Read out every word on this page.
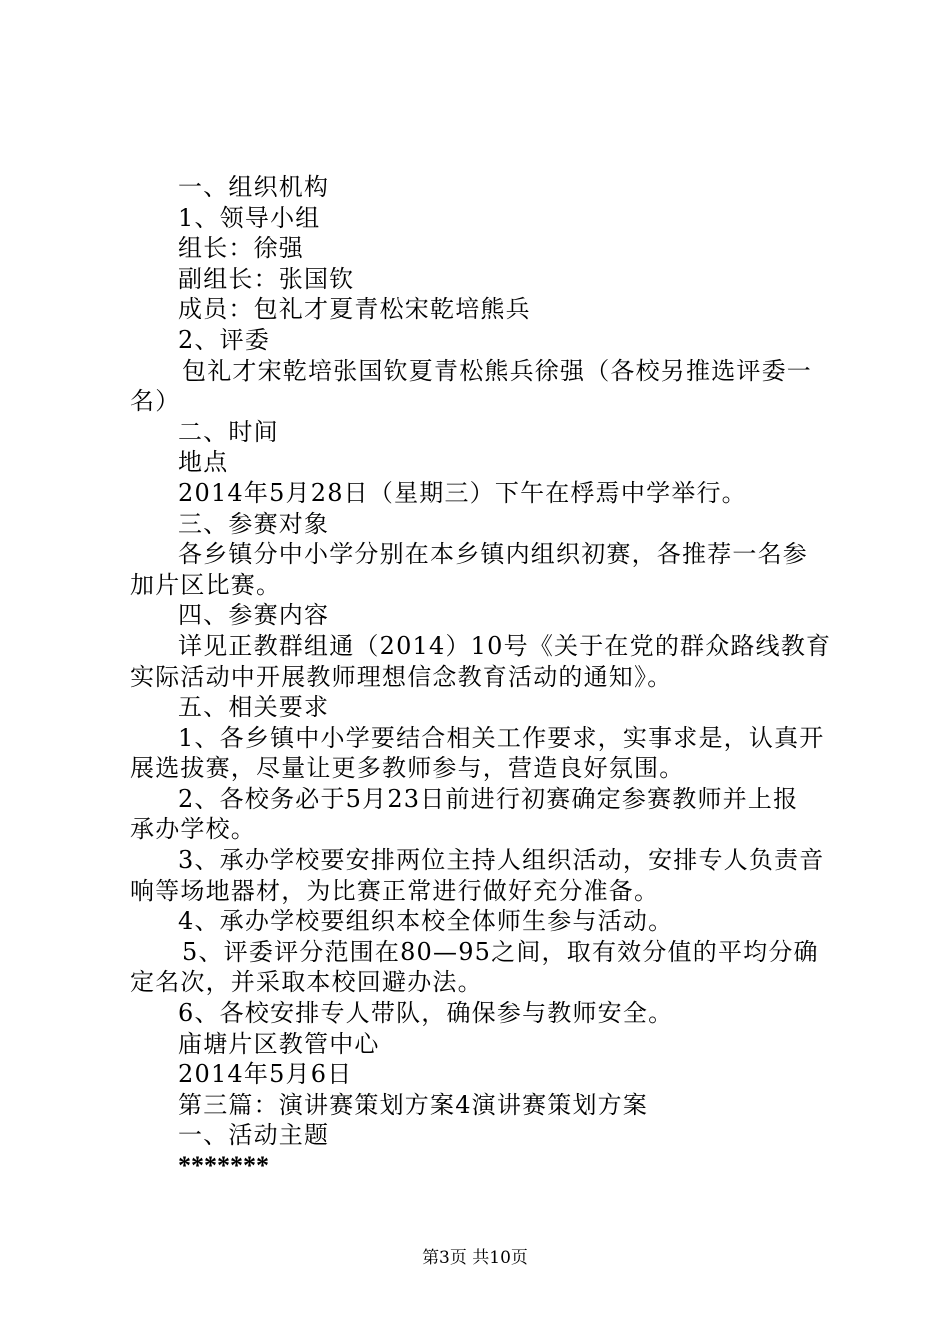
一、组织机构
1、领导小组
组长：徐强
副组长：张国钦
成员：包礼才夏青松宋乾培熊兵
2、评委
包礼才宋乾培张国钦夏青松熊兵徐强（各校另推选评委一
名）
二、时间
地点
2014年5月28日（星期三）下午在桴焉中学举行。
三、参赛对象
各乡镇分中小学分别在本乡镇内组织初赛，各推荐一名参
加片区比赛。
四、参赛内容
详见正教群组通（2014）10号《关于在党的群众路线教育
实际活动中开展教师理想信念教育活动的通知》。
五、相关要求
1、各乡镇中小学要结合相关工作要求，实事求是，认真开
展选拔赛，尽量让更多教师参与，营造良好氛围。
2、各校务必于5月23日前进行初赛确定参赛教师并上报
承办学校。
3、承办学校要安排两位主持人组织活动，安排专人负责音
响等场地器材，为比赛正常进行做好充分准备。
4、承办学校要组织本校全体师生参与活动。
5、评委评分范围在80—95之间，取有效分值的平均分确
定名次，并采取本校回避办法。
6、各校安排专人带队，确保参与教师安全。
庙塘片区教管中心
2014年5月6日
第三篇：演讲赛策划方案4演讲赛策划方案
一、活动主题
*******
第3页 共10页
